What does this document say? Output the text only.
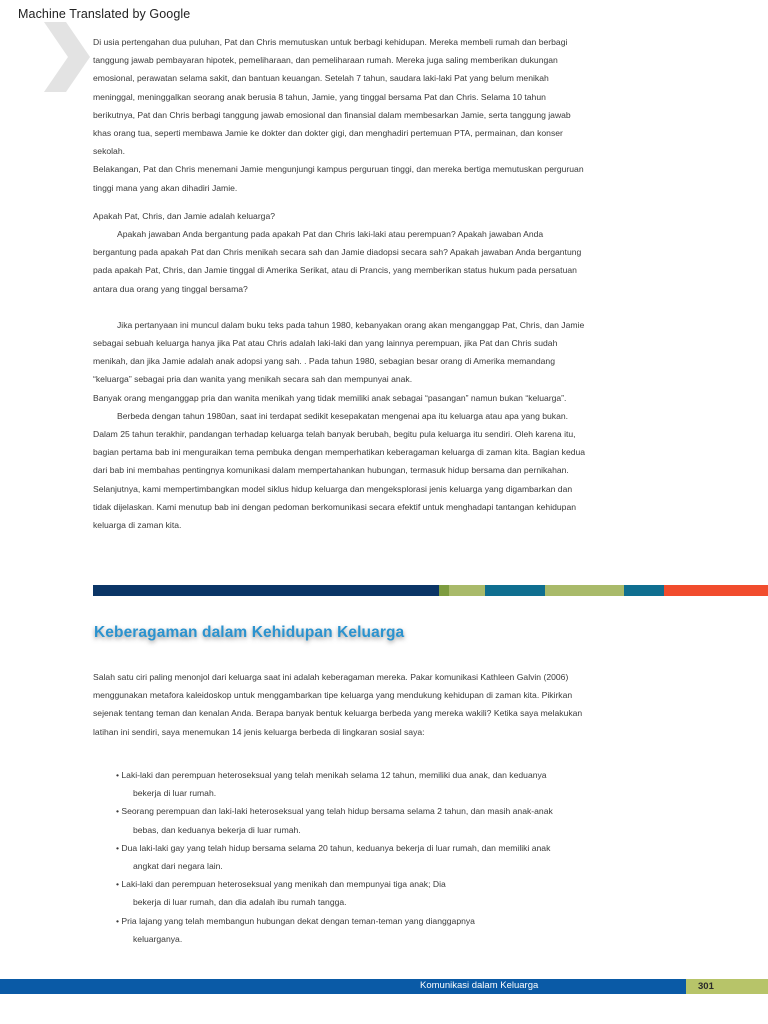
Machine Translated by Google

Di usia pertengahan dua puluhan, Pat dan Chris memutuskan untuk berbagi kehidupan. Mereka membeli rumah dan berbagi tanggung jawab pembayaran hipotek, pemeliharaan, dan pemeliharaan rumah. Mereka juga saling memberikan dukungan emosional, perawatan selama sakit, dan bantuan keuangan. Setelah 7 tahun, saudara laki-laki Pat yang belum menikah meninggal, meninggalkan seorang anak berusia 8 tahun, Jamie, yang tinggal bersama Pat dan Chris. Selama 10 tahun berikutnya, Pat dan Chris berbagi tanggung jawab emosional dan finansial dalam membesarkan Jamie, serta tanggung jawab khas orang tua, seperti membawa Jamie ke dokter dan dokter gigi, dan menghadiri pertemuan PTA, permainan, dan konser sekolah.

Belakangan, Pat dan Chris menemani Jamie mengunjungi kampus perguruan tinggi, dan mereka bertiga memutuskan perguruan tinggi mana yang akan dihadiri Jamie.

Apakah Pat, Chris, dan Jamie adalah keluarga?

Apakah jawaban Anda bergantung pada apakah Pat dan Chris laki-laki atau perempuan? Apakah jawaban Anda bergantung pada apakah Pat dan Chris menikah secara sah dan Jamie diadopsi secara sah? Apakah jawaban Anda bergantung pada apakah Pat, Chris, dan Jamie tinggal di Amerika Serikat, atau di Prancis, yang memberikan status hukum pada persatuan antara dua orang yang tinggal bersama?

Jika pertanyaan ini muncul dalam buku teks pada tahun 1980, kebanyakan orang akan menganggap Pat, Chris, dan Jamie sebagai sebuah keluarga hanya jika Pat atau Chris adalah laki-laki dan yang lainnya perempuan, jika Pat dan Chris sudah menikah, dan jika Jamie adalah anak adopsi yang sah. . Pada tahun 1980, sebagian besar orang di Amerika memandang “keluarga” sebagai pria dan wanita yang menikah secara sah dan mempunyai anak.

Banyak orang menganggap pria dan wanita menikah yang tidak memiliki anak sebagai “pasangan” namun bukan “keluarga”.

Berbeda dengan tahun 1980an, saat ini terdapat sedikit kesepakatan mengenai apa itu keluarga atau apa yang bukan. Dalam 25 tahun terakhir, pandangan terhadap keluarga telah banyak berubah, begitu pula keluarga itu sendiri. Oleh karena itu, bagian pertama bab ini menguraikan tema pembuka dengan memperhatikan keberagaman keluarga di zaman kita. Bagian kedua dari bab ini membahas pentingnya komunikasi dalam mempertahankan hubungan, termasuk hidup bersama dan pernikahan.

Selanjutnya, kami mempertimbangkan model siklus hidup keluarga dan mengeksplorasi jenis keluarga yang digambarkan dan tidak dijelaskan. Kami menutup bab ini dengan pedoman berkomunikasi secara efektif untuk menghadapi tantangan kehidupan keluarga di zaman kita.

Keberagaman dalam Kehidupan Keluarga

Salah satu ciri paling menonjol dari keluarga saat ini adalah keberagaman mereka. Pakar komunikasi Kathleen Galvin (2006) menggunakan metafora kaleidoskop untuk menggambarkan tipe keluarga yang mendukung kehidupan di zaman kita. Pikirkan sejenak tentang teman dan kenalan Anda. Berapa banyak bentuk keluarga berbeda yang mereka wakili? Ketika saya melakukan latihan ini sendiri, saya menemukan 14 jenis keluarga berbeda di lingkaran sosial saya:

• Laki-laki dan perempuan heteroseksual yang telah menikah selama 12 tahun, memiliki dua anak, dan keduanya
bekerja di luar rumah.
• Seorang perempuan dan laki-laki heteroseksual yang telah hidup bersama selama 2 tahun, dan masih anak-anak
bebas, dan keduanya bekerja di luar rumah.
• Dua laki-laki gay yang telah hidup bersama selama 20 tahun, keduanya bekerja di luar rumah, dan memiliki anak
angkat dari negara lain.
• Laki-laki dan perempuan heteroseksual yang menikah dan mempunyai tiga anak; Dia
bekerja di luar rumah, dan dia adalah ibu rumah tangga.
• Pria lajang yang telah membangun hubungan dekat dengan teman-teman yang dianggapnya
keluarganya.
Komunikasi dalam Keluarga	301
